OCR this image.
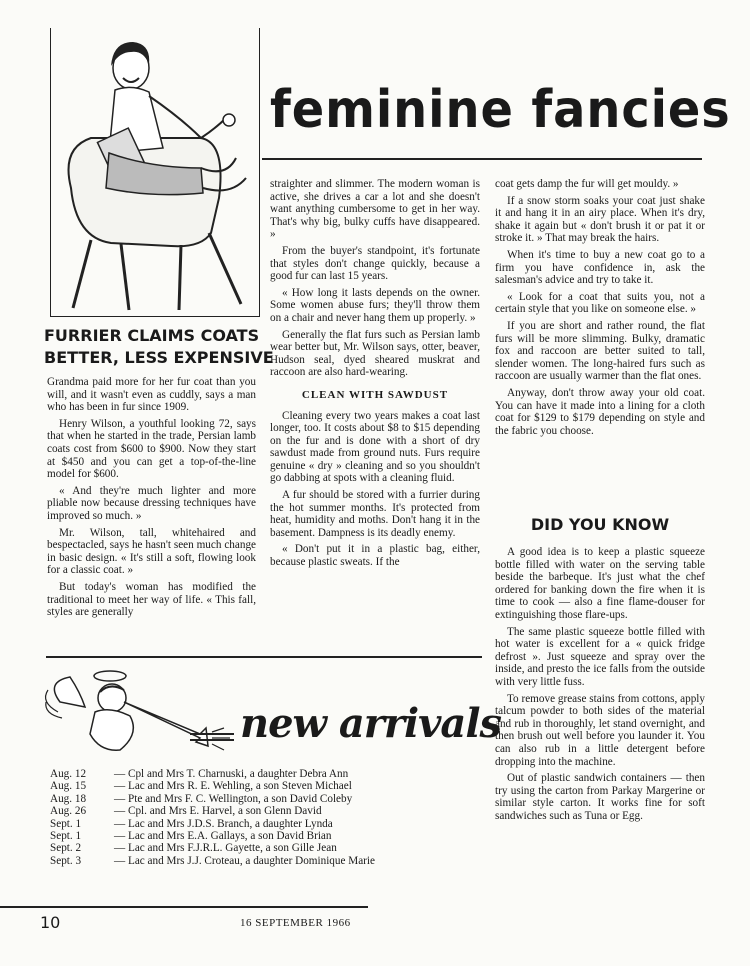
feminine fancies
FURRIER CLAIMS COATS
BETTER, LESS EXPENSIVE

Grandma paid more for her fur coat than you will, and it wasn't even as cuddly, says a man who has been in fur since 1909.

Henry Wilson, a youthful looking 72, says that when he started in the trade, Persian lamb coats cost from $600 to $900. Now they start at $450 and you can get a top-of-the-line model for $600.

« And they're much lighter and more pliable now because dressing techniques have improved so much. »

Mr. Wilson, tall, whitehaired and bespectacled, says he hasn't seen much change in basic design. « It's still a soft, flowing look for a classic coat. »

But today's woman has modified the traditional to meet her way of life. « This fall, styles are generally

straighter and slimmer. The modern woman is active, she drives a car a lot and she doesn't want anything cumbersome to get in her way. That's why big, bulky cuffs have disappeared. »

From the buyer's standpoint, it's fortunate that styles don't change quickly, because a good fur can last 15 years.

« How long it lasts depends on the owner. Some women abuse furs; they'll throw them on a chair and never hang them up properly. »

Generally the flat furs such as Persian lamb wear better but, Mr. Wilson says, otter, beaver, Hudson seal, dyed sheared muskrat and raccoon are also hard-wearing.

CLEAN WITH SAWDUST

Cleaning every two years makes a coat last longer, too. It costs about $8 to $15 depending on the fur and is done with a short of dry sawdust made from ground nuts. Furs require genuine « dry » cleaning and so you shouldn't go dabbing at spots with a cleaning fluid.

A fur should be stored with a furrier during the hot summer months. It's protected from heat, humidity and moths. Don't hang it in the basement. Dampness is its deadly enemy.

« Don't put it in a plastic bag, either, because plastic sweats. If the

coat gets damp the fur will get mouldy. »

If a snow storm soaks your coat just shake it and hang it in an airy place. When it's dry, shake it again but « don't brush it or pat it or stroke it. » That may break the hairs.

When it's time to buy a new coat go to a firm you have confidence in, ask the salesman's advice and try to take it.

« Look for a coat that suits you, not a certain style that you like on someone else. »

If you are short and rather round, the flat furs will be more slimming. Bulky, dramatic fox and raccoon are better suited to tall, slender women. The long-haired furs such as raccoon are usually warmer than the flat ones.

Anyway, don't throw away your old coat. You can have it made into a lining for a cloth coat for $129 to $179 depending on style and the fabric you choose.

DID YOU KNOW

A good idea is to keep a plastic squeeze bottle filled with water on the serving table beside the barbeque. It's just what the chef ordered for banking down the fire when it is time to cook — also a fine flame-douser for extinguishing those flare-ups.

The same plastic squeeze bottle filled with hot water is excellent for a « quick fridge defrost ». Just squeeze and spray over the inside, and presto the ice falls from the outside with very little fuss.

To remove grease stains from cottons, apply talcum powder to both sides of the material and rub in thoroughly, let stand overnight, and then brush out well before you launder it. You can also rub in a little detergent before dropping into the machine.

Out of plastic sandwich containers — then try using the carton from Parkay Margerine or similar style carton. It works fine for soft sandwiches such as Tuna or Egg.

new arrivals
Aug. 12	— Cpl and Mrs T. Charnuski, a daughter Debra Ann
Aug. 15	— Lac and Mrs R. E. Wehling, a son Steven Michael
Aug. 18	— Pte and Mrs F. C. Wellington, a son David Coleby
Aug. 26	— Cpl. and Mrs E. Harvel, a son Glenn David
Sept. 1	— Lac and Mrs J.D.S. Branch, a daughter Lynda
Sept. 1	— Lac and Mrs E.A. Gallays, a son David Brian
Sept. 2	— Lac and Mrs F.J.R.L. Gayette, a son Gille Jean
Sept. 3	— Lac and Mrs J.J. Croteau, a daughter Dominique Marie
10	16 SEPTEMBER 1966
